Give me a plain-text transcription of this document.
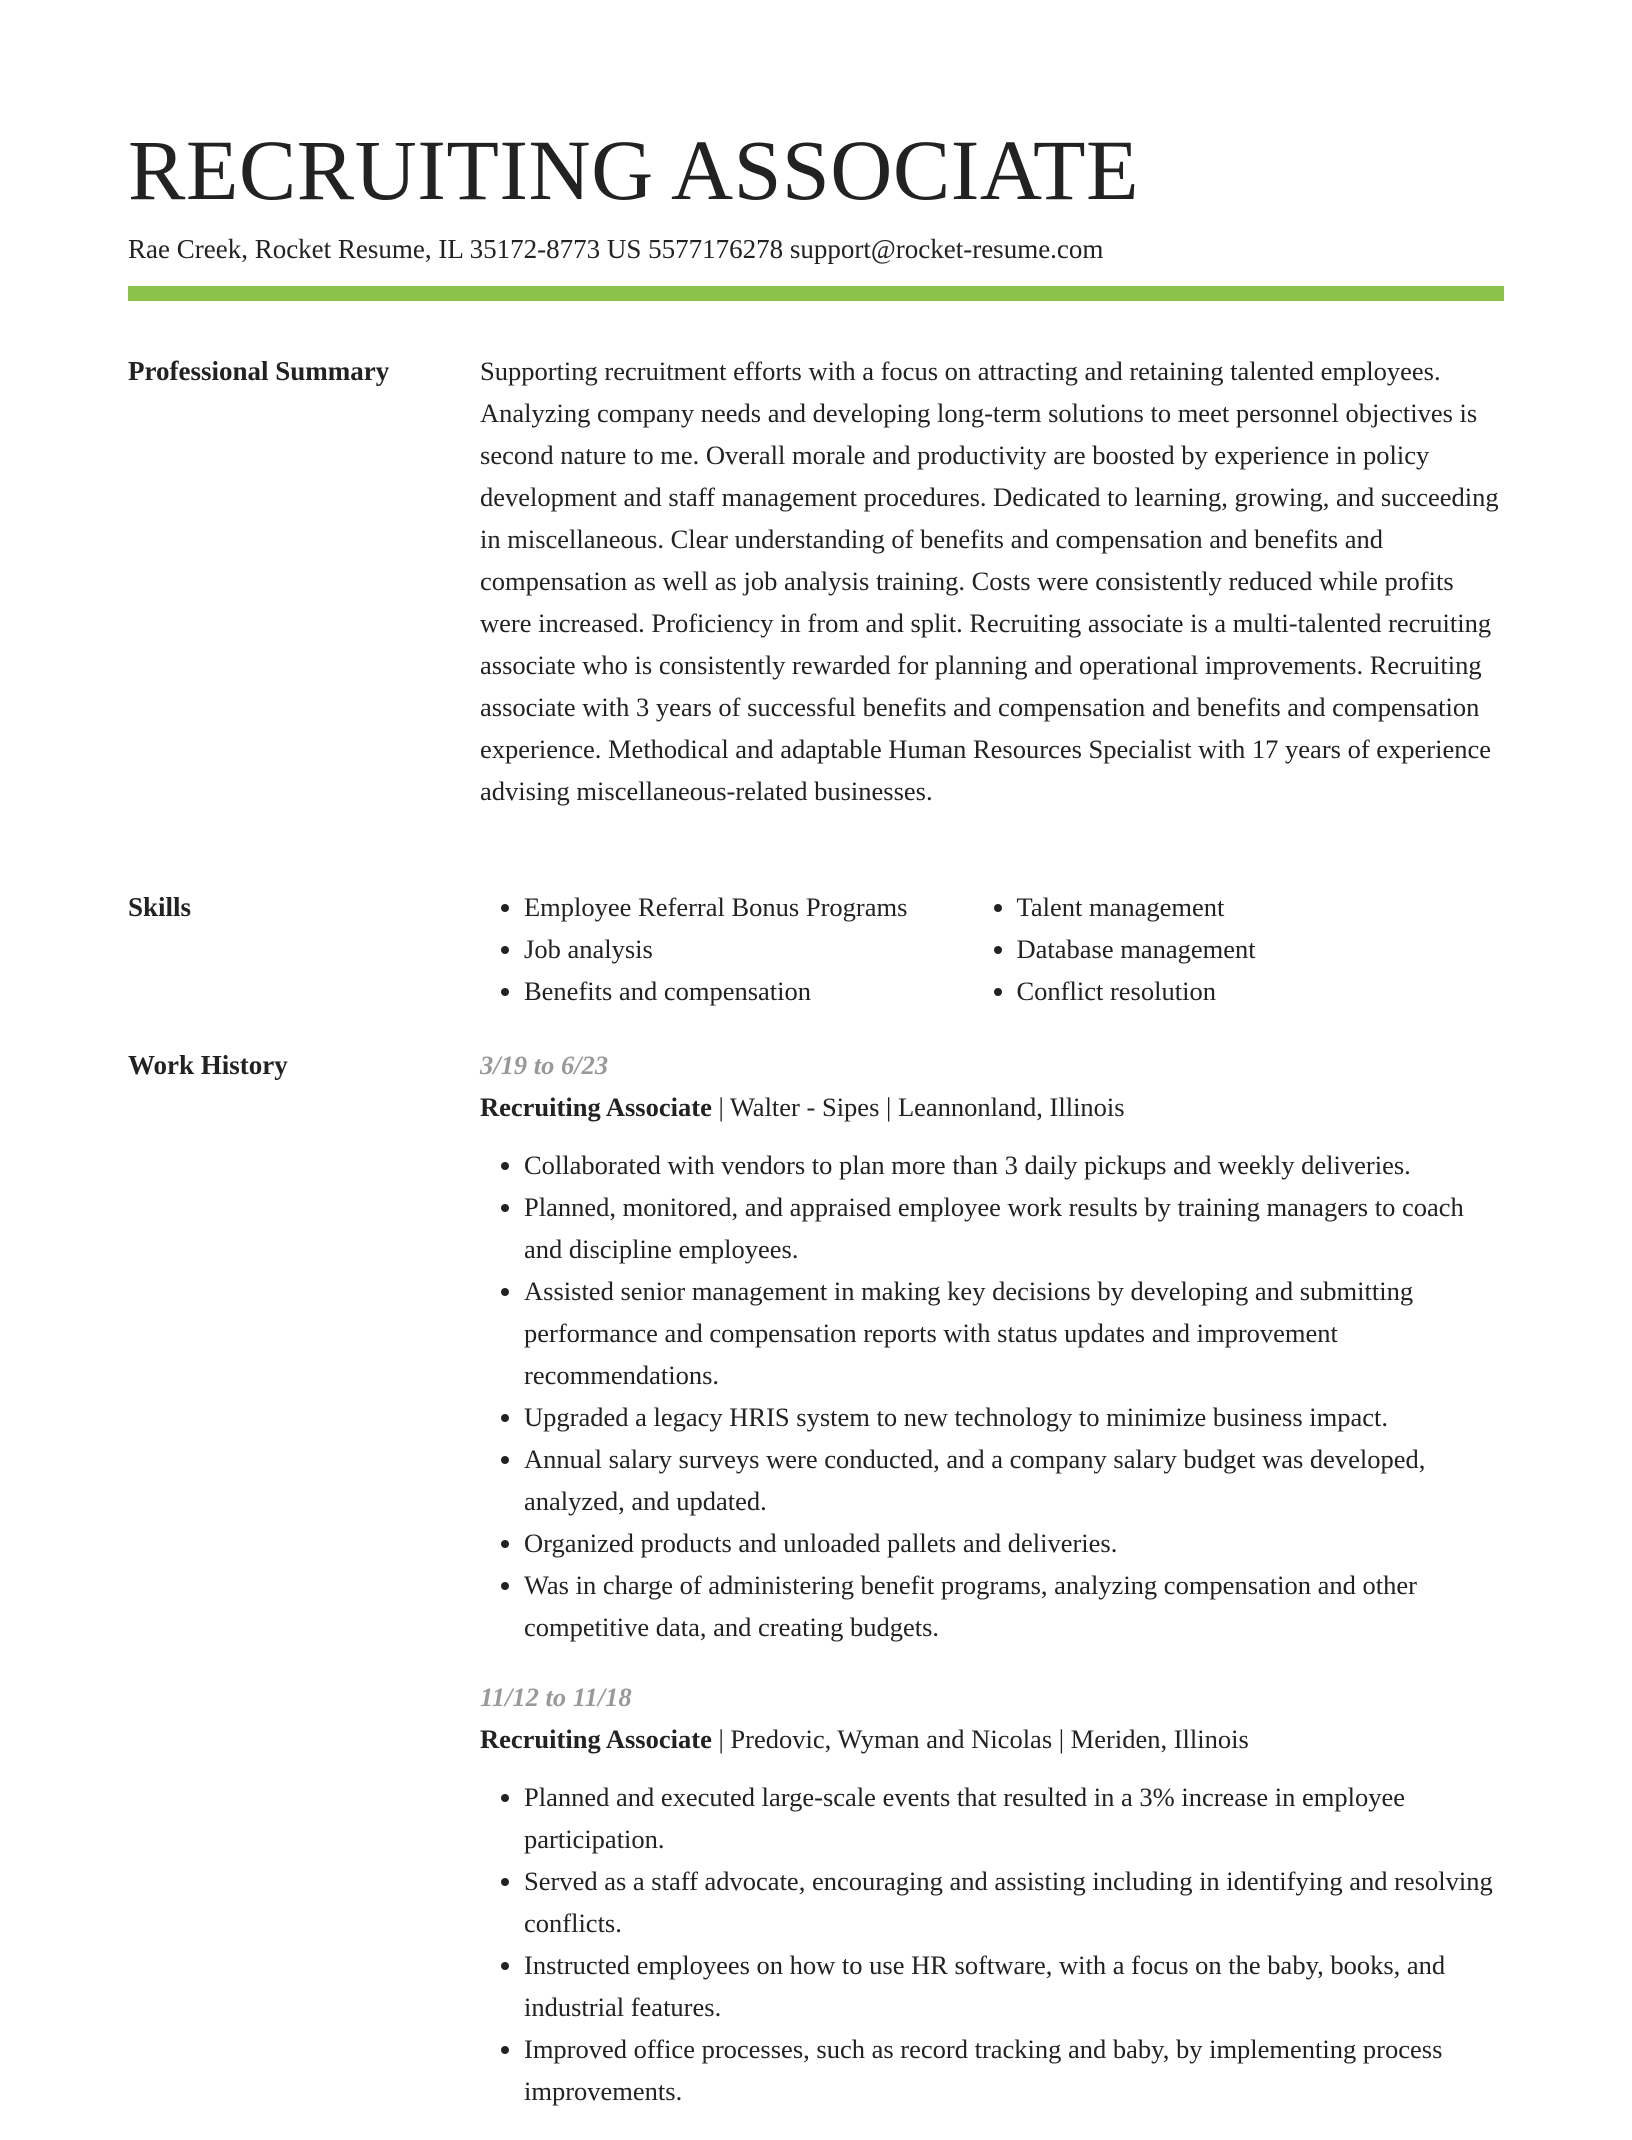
RECRUITING ASSOCIATE
Rae Creek, Rocket Resume, IL 35172-8773 US 5577176278 support@rocket-resume.com
Professional Summary	Supporting recruitment efforts with a focus on attracting and retaining talented employees. Analyzing company needs and developing long-term solutions to meet personnel objectives is second nature to me. Overall morale and productivity are boosted by experience in policy development and staff management procedures. Dedicated to learning, growing, and succeeding in miscellaneous. Clear understanding of benefits and compensation and benefits and compensation as well as job analysis training. Costs were consistently reduced while profits were increased. Proficiency in from and split. Recruiting associate is a multi-talented recruiting associate who is consistently rewarded for planning and operational improvements. Recruiting associate with 3 years of successful benefits and compensation and benefits and compensation experience. Methodical and adaptable Human Resources Specialist with 17 years of experience advising miscellaneous-related businesses.

Skills
•	Employee Referral Bonus Programs
• Job analysis
• Benefits and compensation
• Talent management
• Database management
• Conflict resolution
Work History	3/19 to 6/23
Recruiting Associate | Walter - Sipes | Leannonland, Illinois
• Collaborated with vendors to plan more than 3 daily pickups and weekly deliveries.
• Planned, monitored, and appraised employee work results by training managers to coach and discipline employees.
• Assisted senior management in making key decisions by developing and submitting performance and compensation reports with status updates and improvement recommendations.
• Upgraded a legacy HRIS system to new technology to minimize business impact.
• Annual salary surveys were conducted, and a company salary budget was developed, analyzed, and updated.
• Organized products and unloaded pallets and deliveries.
• Was in charge of administering benefit programs, analyzing compensation and other competitive data, and creating budgets.
11/12 to 11/18
Recruiting Associate | Predovic, Wyman and Nicolas | Meriden, Illinois
• Planned and executed large-scale events that resulted in a 3% increase in employee participation.
• Served as a staff advocate, encouraging and assisting including in identifying and resolving conflicts.
• Instructed employees on how to use HR software, with a focus on the baby, books, and industrial features.
• Improved office processes, such as record tracking and baby, by implementing process improvements.
